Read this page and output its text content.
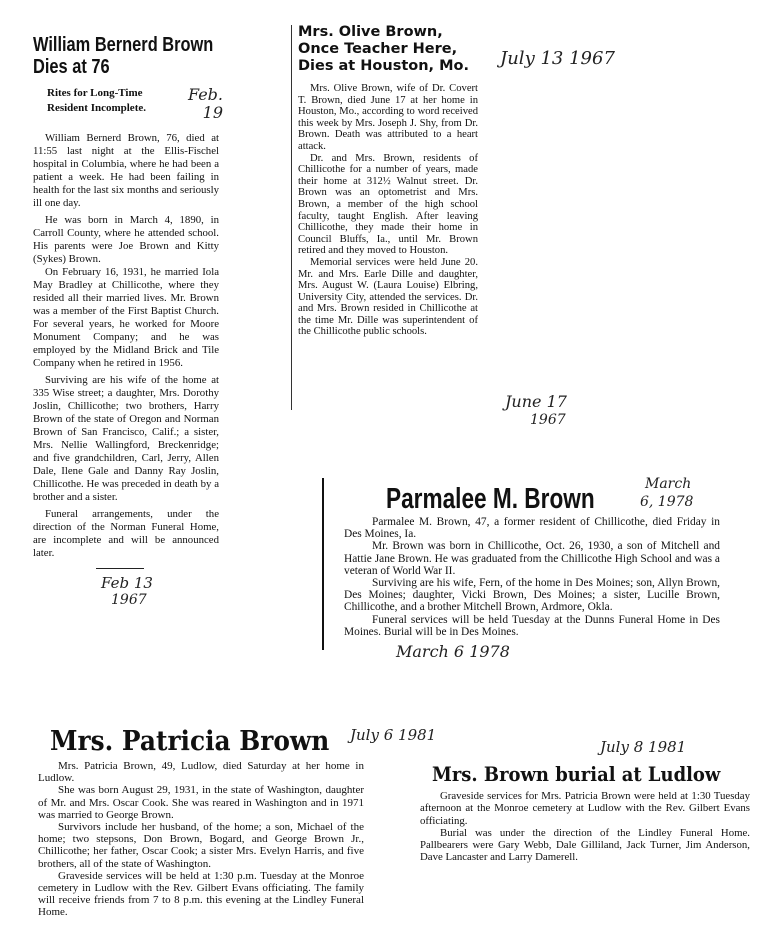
William Bernerd Brown
Dies at 76
Feb.
19
Rites for Long-Time
Resident Incomplete.

William Bernerd Brown, 76, died at 11:55 last night at the Ellis-Fischel hospital in Columbia, where he had been a patient a week. He had been failing in health for the last six months and seriously ill one day.

He was born in March 4, 1890, in Carroll County, where he attended school. His parents were Joe Brown and Kitty (Sykes) Brown.

On February 16, 1931, he married Iola May Bradley at Chillicothe, where they resided all their married lives. Mr. Brown was a member of the First Baptist Church. For several years, he worked for Moore Monument Company; and he was employed by the Midland Brick and Tile Company when he retired in 1956.

Surviving are his wife of the home at 335 Wise street; a daughter, Mrs. Dorothy Joslin, Chillicothe; two brothers, Harry Brown of the state of Oregon and Norman Brown of San Francisco, Calif.; a sister, Mrs. Nellie Wallingford, Breckenridge; and five grandchildren, Carl, Jerry, Allen Dale, Ilene Gale and Danny Ray Joslin, Chillicothe. He was preceded in death by a brother and a sister.

Funeral arrangements, under the direction of the Norman Funeral Home, are incomplete and will be announced later.

Feb 13
1967
Mrs. Olive Brown,
Once Teacher Here,
Dies at Houston, Mo.

Mrs. Olive Brown, wife of Dr. Covert T. Brown, died June 17 at her home in Houston, Mo., according to word received this week by Mrs. Joseph J. Shy, from Dr. Brown. Death was attributed to a heart attack.

Dr. and Mrs. Brown, residents of Chillicothe for a number of years, made their home at 312½ Walnut street. Dr. Brown was an optometrist and Mrs. Brown, a member of the high school faculty, taught English. After leaving Chillicothe, they made their home in Council Bluffs, Ia., until Mr. Brown retired and they moved to Houston.

Memorial services were held June 20. Mr. and Mrs. Earle Dille and daughter, Mrs. August W. (Laura Louise) Elbring, University City, attended the services. Dr. and Mrs. Brown resided in Chillicothe at the time Mr. Dille was superintendent of the Chillicothe public schools.

July 13 1967
June 17
1967
Parmalee M. Brown

Parmalee M. Brown, 47, a former resident of Chillicothe, died Friday in Des Moines, Ia.

Mr. Brown was born in Chillicothe, Oct. 26, 1930, a son of Mitchell and Hattie Jane Brown. He was graduated from the Chillicothe High School and was a veteran of World War II.

Surviving are his wife, Fern, of the home in Des Moines; son, Allyn Brown, Des Moines; daughter, Vicki Brown, Des Moines; a sister, Lucille Brown, Chillicothe, and a brother Mitchell Brown, Ardmore, Okla.

Funeral services will be held Tuesday at the Dunns Funeral Home in Des Moines. Burial will be in Des Moines.

March 6 1978
March
6, 1978
Mrs. Patricia Brown

Mrs. Patricia Brown, 49, Ludlow, died Saturday at her home in Ludlow.

She was born August 29, 1931, in the state of Washington, daughter of Mr. and Mrs. Oscar Cook. She was reared in Washington and in 1971 was married to George Brown.

Survivors include her husband, of the home; a son, Michael of the home; two stepsons, Don Brown, Bogard, and George Brown Jr., Chillicothe; her father, Oscar Cook; a sister Mrs. Evelyn Harris, and five brothers, all of the state of Washington.

Graveside services will be held at 1:30 p.m. Tuesday at the Monroe cemetery in Ludlow with the Rev. Gilbert Evans officiating. The family will receive friends from 7 to 8 p.m. this evening at the Lindley Funeral Home.

July 6 1981
Mrs. Brown burial at Ludlow

Graveside services for Mrs. Patricia Brown were held at 1:30 Tuesday afternoon at the Monroe cemetery at Ludlow with the Rev. Gilbert Evans officiating.

Burial was under the direction of the Lindley Funeral Home. Pallbearers were Gary Webb, Dale Gilliland, Jack Turner, Jim Anderson, Dave Lancaster and Larry Damerell.

July 8 1981
